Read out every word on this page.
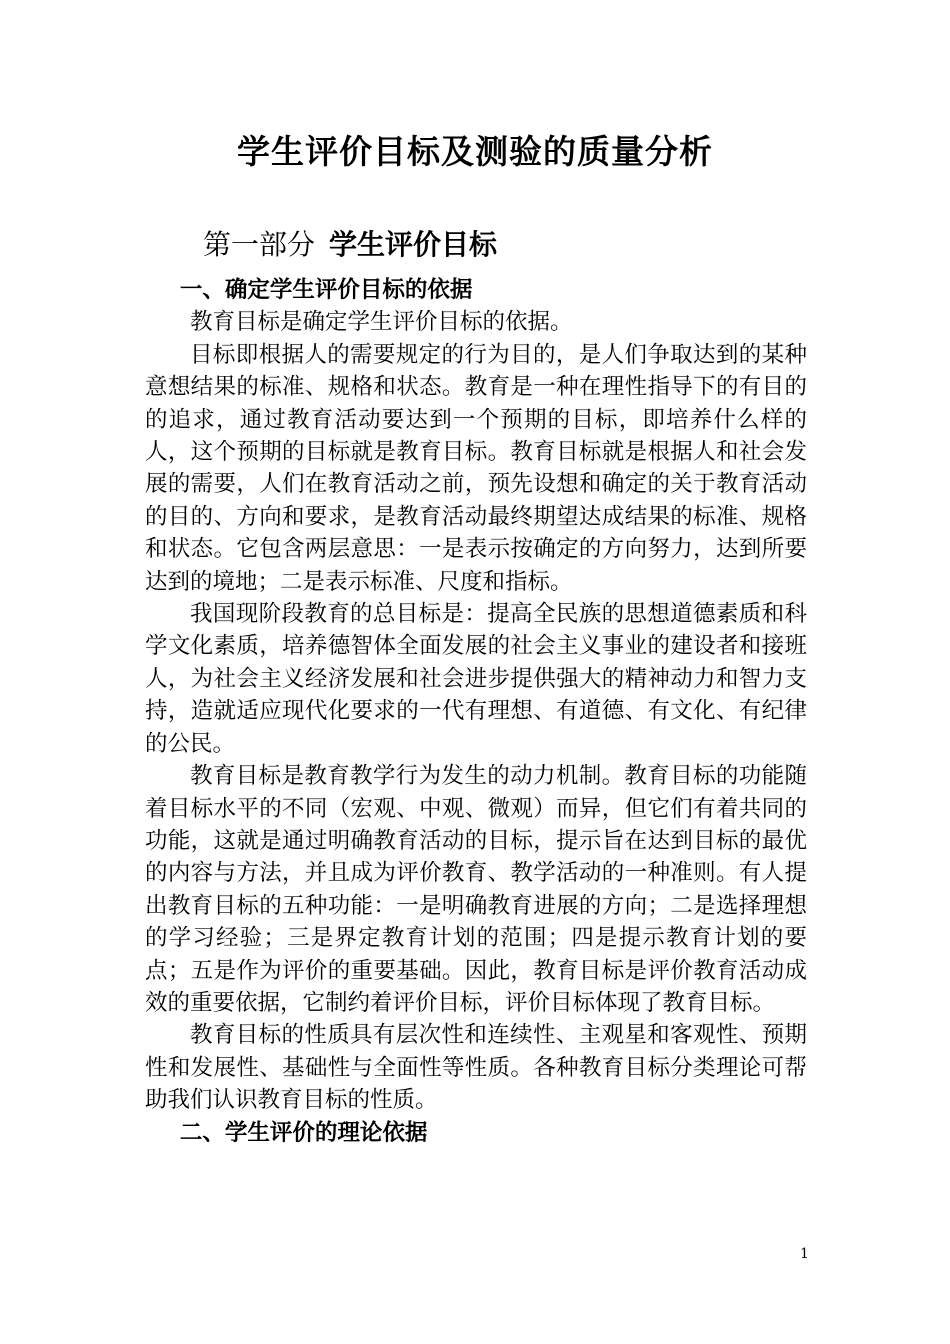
学生评价目标及测验的质量分析
第一部分 学生评价目标
一、确定学生评价目标的依据

教育目标是确定学生评价目标的依据。

目标即根据人的需要规定的行为目的，是人们争取达到的某种意想结果的标准、规格和状态。教育是一种在理性指导下的有目的的追求，通过教育活动要达到一个预期的目标，即培养什么样的人，这个预期的目标就是教育目标。教育目标就是根据人和社会发展的需要，人们在教育活动之前，预先设想和确定的关于教育活动的目的、方向和要求，是教育活动最终期望达成结果的标准、规格和状态。它包含两层意思：一是表示按确定的方向努力，达到所要达到的境地；二是表示标准、尺度和指标。

我国现阶段教育的总目标是：提高全民族的思想道德素质和科学文化素质，培养德智体全面发展的社会主义事业的建设者和接班人，为社会主义经济发展和社会进步提供强大的精神动力和智力支持，造就适应现代化要求的一代有理想、有道德、有文化、有纪律的公民。

教育目标是教育教学行为发生的动力机制。教育目标的功能随着目标水平的不同（宏观、中观、微观）而异，但它们有着共同的功能，这就是通过明确教育活动的目标，提示旨在达到目标的最优的内容与方法，并且成为评价教育、教学活动的一种准则。有人提出教育目标的五种功能：一是明确教育进展的方向；二是选择理想的学习经验；三是界定教育计划的范围；四是提示教育计划的要点；五是作为评价的重要基础。因此，教育目标是评价教育活动成效的重要依据，它制约着评价目标，评价目标体现了教育目标。

教育目标的性质具有层次性和连续性、主观星和客观性、预期性和发展性、基础性与全面性等性质。各种教育目标分类理论可帮助我们认识教育目标的性质。

二、学生评价的理论依据
1
